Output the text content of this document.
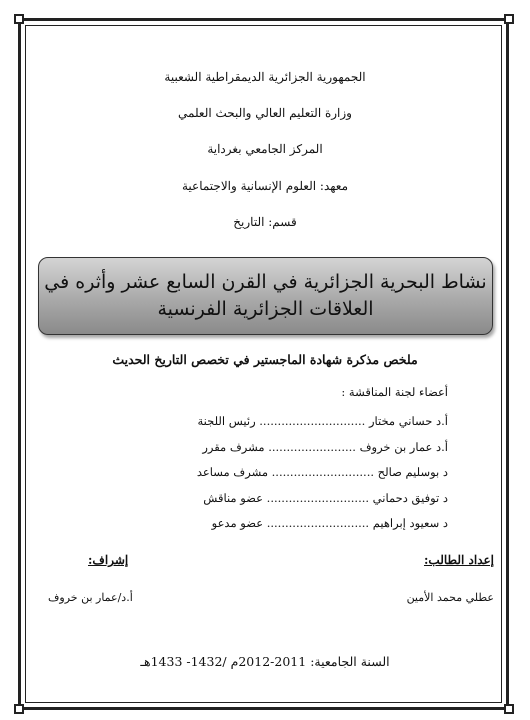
الجمهورية الجزائرية الديمقراطية الشعبية
وزارة التعليم العالي والبحث العلمي
المركز الجامعي بغرداية
معهد: العلوم الإنسانية والاجتماعية
قسم: التاريخ
نشاط البحرية الجزائرية في القرن السابع عشر وأثره في
العلاقات الجزائرية الفرنسية
ملخص مذكرة شهادة الماجستير في تخصص التاريخ الحديث
أعضاء لجنة المناقشة :
أ.د حساني مختار ............................. رئيس اللجنة
أ.د عمار بن خروف ........................ مشرف مقرر
د بوسليم صالح ............................ مشرف مساعد
د توفيق دحماني ............................ عضو مناقش
د سعيود إبراهيم ............................ عضو مدعو
إعداد الطالب:
عطلي محمد الأمين
إشراف:
أ.د/عمار بن خروف
السنة الجامعية: 2011-2012م /1432- 1433هـ
